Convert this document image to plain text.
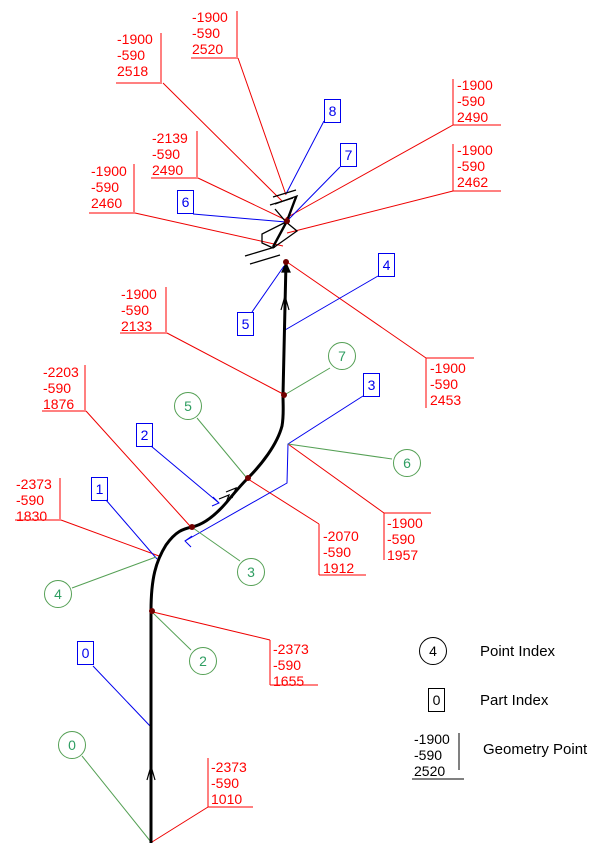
-1900
-590
2520
-1900
-590
2518
-2139
-590
2490
-1900
-590
2460
-1900
-590
2490
-1900
-590
2462
-1900
-590
2453
-1900
-590
2133
-2203
-590
1876
-2373
-590
1830
-2070
-590
1912
-1900
-590
1957
-2373
-590
1655
-2373
-590
1010
0
1
2
3
4
5
6
7
8
0
2
3
4
5
6
7
4	Point Index
0	Part Index
-1900
-590
2520
Geometry Point
